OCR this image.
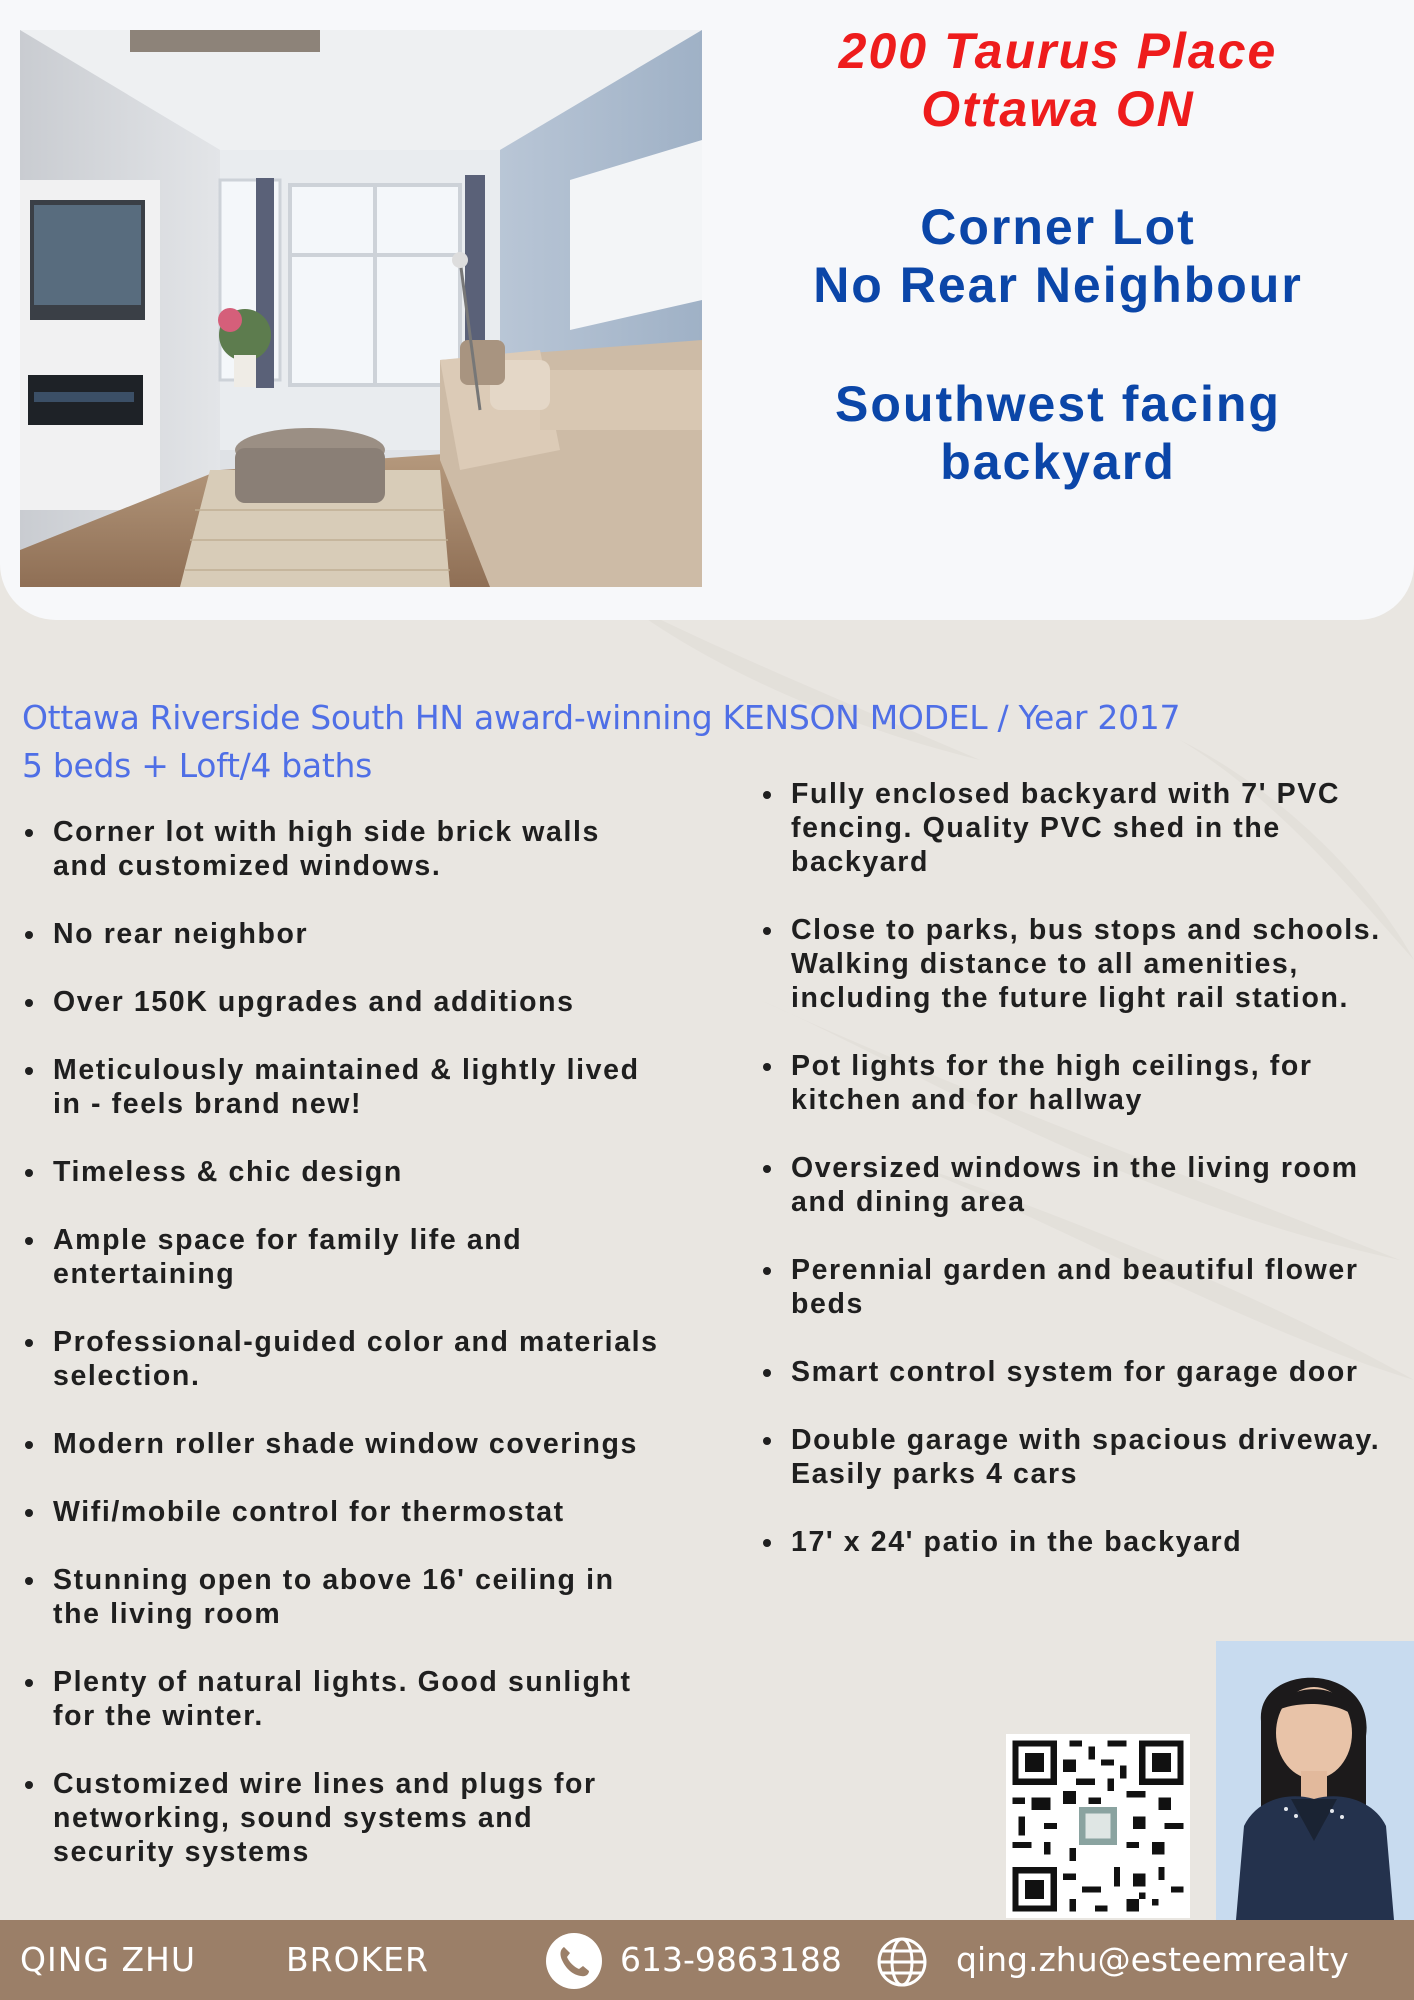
200 Taurus Place
Ottawa ON
Corner Lot
No Rear Neighbour
Southwest facing
backyard
Ottawa Riverside South HN award-winning KENSON MODEL / Year 2017
5 beds + Loft/4 baths
Corner lot with high side brick walls and customized windows.
No rear neighbor
Over 150K upgrades and additions
Meticulously maintained & lightly lived in - feels brand new!
Timeless & chic design
Ample space for family life and entertaining
Professional-guided color and materials selection.
Modern roller shade window coverings
Wifi/mobile control for thermostat
Stunning open to above 16' ceiling in the living room
Plenty of natural lights. Good sunlight for the winter.
Customized wire lines and plugs for networking, sound systems and security systems
Fully enclosed backyard with 7' PVC fencing. Quality PVC shed in the backyard
Close to parks, bus stops and schools. Walking distance to all amenities, including the future light rail station.
Pot lights for the high ceilings, for kitchen and for hallway
Oversized windows in the living room and dining area
Perennial garden and beautiful flower beds
Smart control system for garage door
Double garage with spacious driveway. Easily parks 4 cars
17' x 24' patio in the backyard
QING ZHU	BROKER	613-9863188	qing.zhu@esteemrealty
